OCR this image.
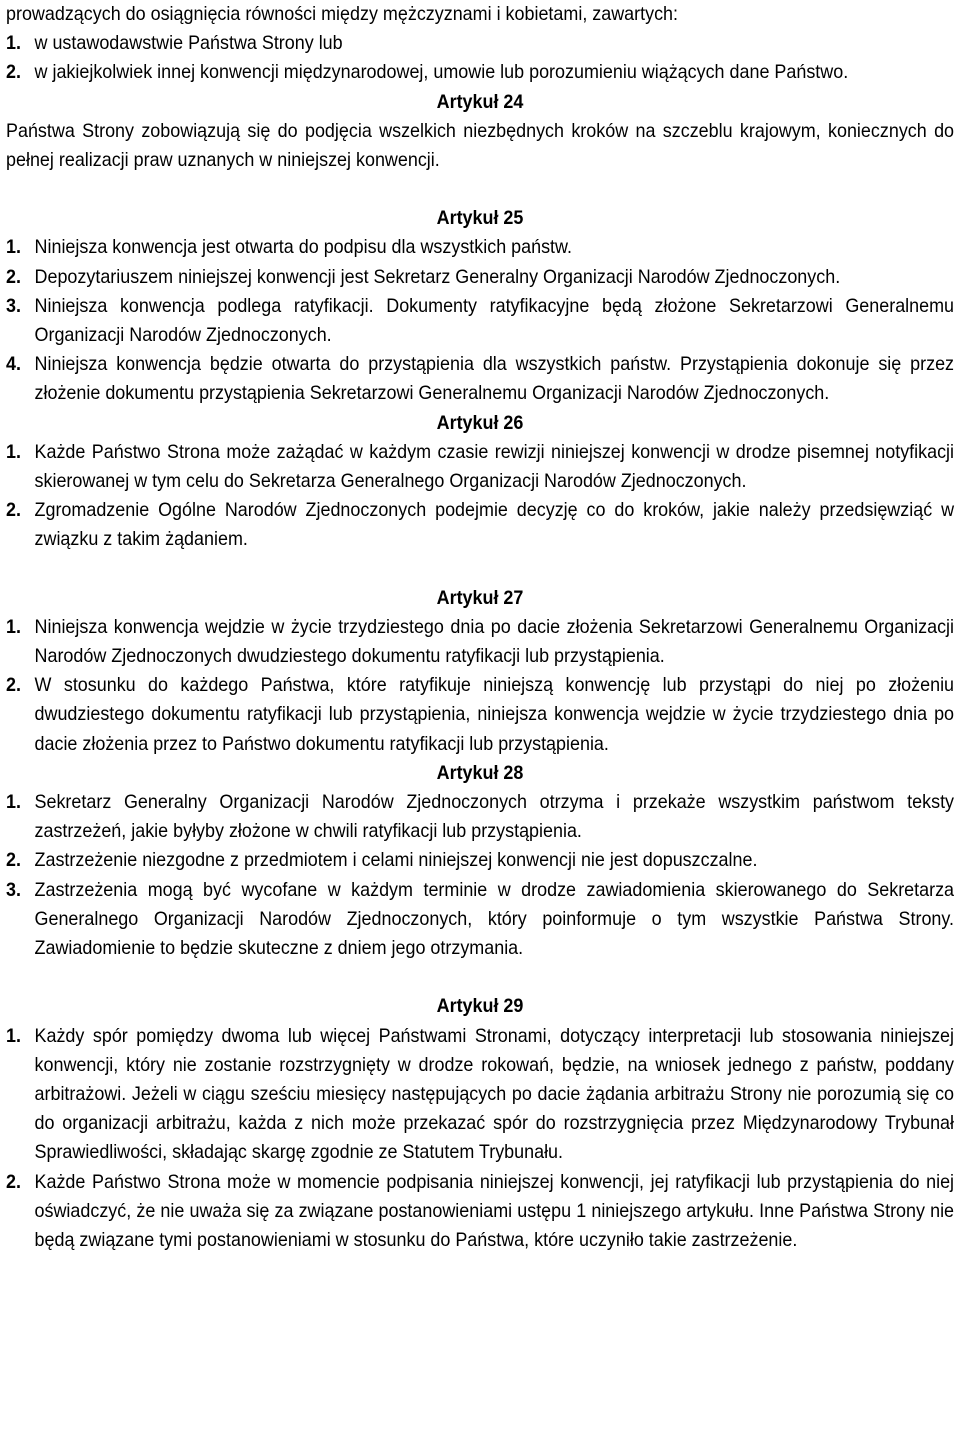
prowadzących do osiągnięcia równości między mężczyznami i kobietami, zawartych:
1. w ustawodawstwie Państwa Strony lub
2. w jakiejkolwiek innej konwencji międzynarodowej, umowie lub porozumieniu wiążących dane Państwo.
Artykuł 24
Państwa Strony zobowiązują się do podjęcia wszelkich niezbędnych kroków na szczeblu krajowym, koniecznych do pełnej realizacji praw uznanych w niniejszej konwencji.
Artykuł 25
1. Niniejsza konwencja jest otwarta do podpisu dla wszystkich państw.
2. Depozytariuszem niniejszej konwencji jest Sekretarz Generalny Organizacji Narodów Zjednoczonych.
3. Niniejsza konwencja podlega ratyfikacji. Dokumenty ratyfikacyjne będą złożone Sekretarzowi Generalnemu Organizacji Narodów Zjednoczonych.
4. Niniejsza konwencja będzie otwarta do przystąpienia dla wszystkich państw. Przystąpienia dokonuje się przez złożenie dokumentu przystąpienia Sekretarzowi Generalnemu Organizacji Narodów Zjednoczonych.
Artykuł 26
1. Każde Państwo Strona może zażądać w każdym czasie rewizji niniejszej konwencji w drodze pisemnej notyfikacji skierowanej w tym celu do Sekretarza Generalnego Organizacji Narodów Zjednoczonych.
2. Zgromadzenie Ogólne Narodów Zjednoczonych podejmie decyzję co do kroków, jakie należy przedsięwziąć w związku z takim żądaniem.
Artykuł 27
1. Niniejsza konwencja wejdzie w życie trzydziestego dnia po dacie złożenia Sekretarzowi Generalnemu Organizacji Narodów Zjednoczonych dwudziestego dokumentu ratyfikacji lub przystąpienia.
2. W stosunku do każdego Państwa, które ratyfikuje niniejszą konwencję lub przystąpi do niej po złożeniu dwudziestego dokumentu ratyfikacji lub przystąpienia, niniejsza konwencja wejdzie w życie trzydziestego dnia po dacie złożenia przez to Państwo dokumentu ratyfikacji lub przystąpienia.
Artykuł 28
1. Sekretarz Generalny Organizacji Narodów Zjednoczonych otrzyma i przekaże wszystkim państwom teksty zastrzeżeń, jakie byłyby złożone w chwili ratyfikacji lub przystąpienia.
2. Zastrzeżenie niezgodne z przedmiotem i celami niniejszej konwencji nie jest dopuszczalne.
3. Zastrzeżenia mogą być wycofane w każdym terminie w drodze zawiadomienia skierowanego do Sekretarza Generalnego Organizacji Narodów Zjednoczonych, który poinformuje o tym wszystkie Państwa Strony. Zawiadomienie to będzie skuteczne z dniem jego otrzymania.
Artykuł 29
1. Każdy spór pomiędzy dwoma lub więcej Państwami Stronami, dotyczący interpretacji lub stosowania niniejszej konwencji, który nie zostanie rozstrzygnięty w drodze rokowań, będzie, na wniosek jednego z państw, poddany arbitrażowi. Jeżeli w ciągu sześciu miesięcy następujących po dacie żądania arbitrażu Strony nie porozumią się co do organizacji arbitrażu, każda z nich może przekazać spór do rozstrzygnięcia przez Międzynarodowy Trybunał Sprawiedliwości, składając skargę zgodnie ze Statutem Trybunału.
2. Każde Państwo Strona może w momencie podpisania niniejszej konwencji, jej ratyfikacji lub przystąpienia do niej oświadczyć, że nie uważa się za związane postanowieniami ustępu 1 niniejszego artykułu. Inne Państwa Strony nie będą związane tymi postanowieniami w stosunku do Państwa, które uczyniło takie zastrzeżenie.
